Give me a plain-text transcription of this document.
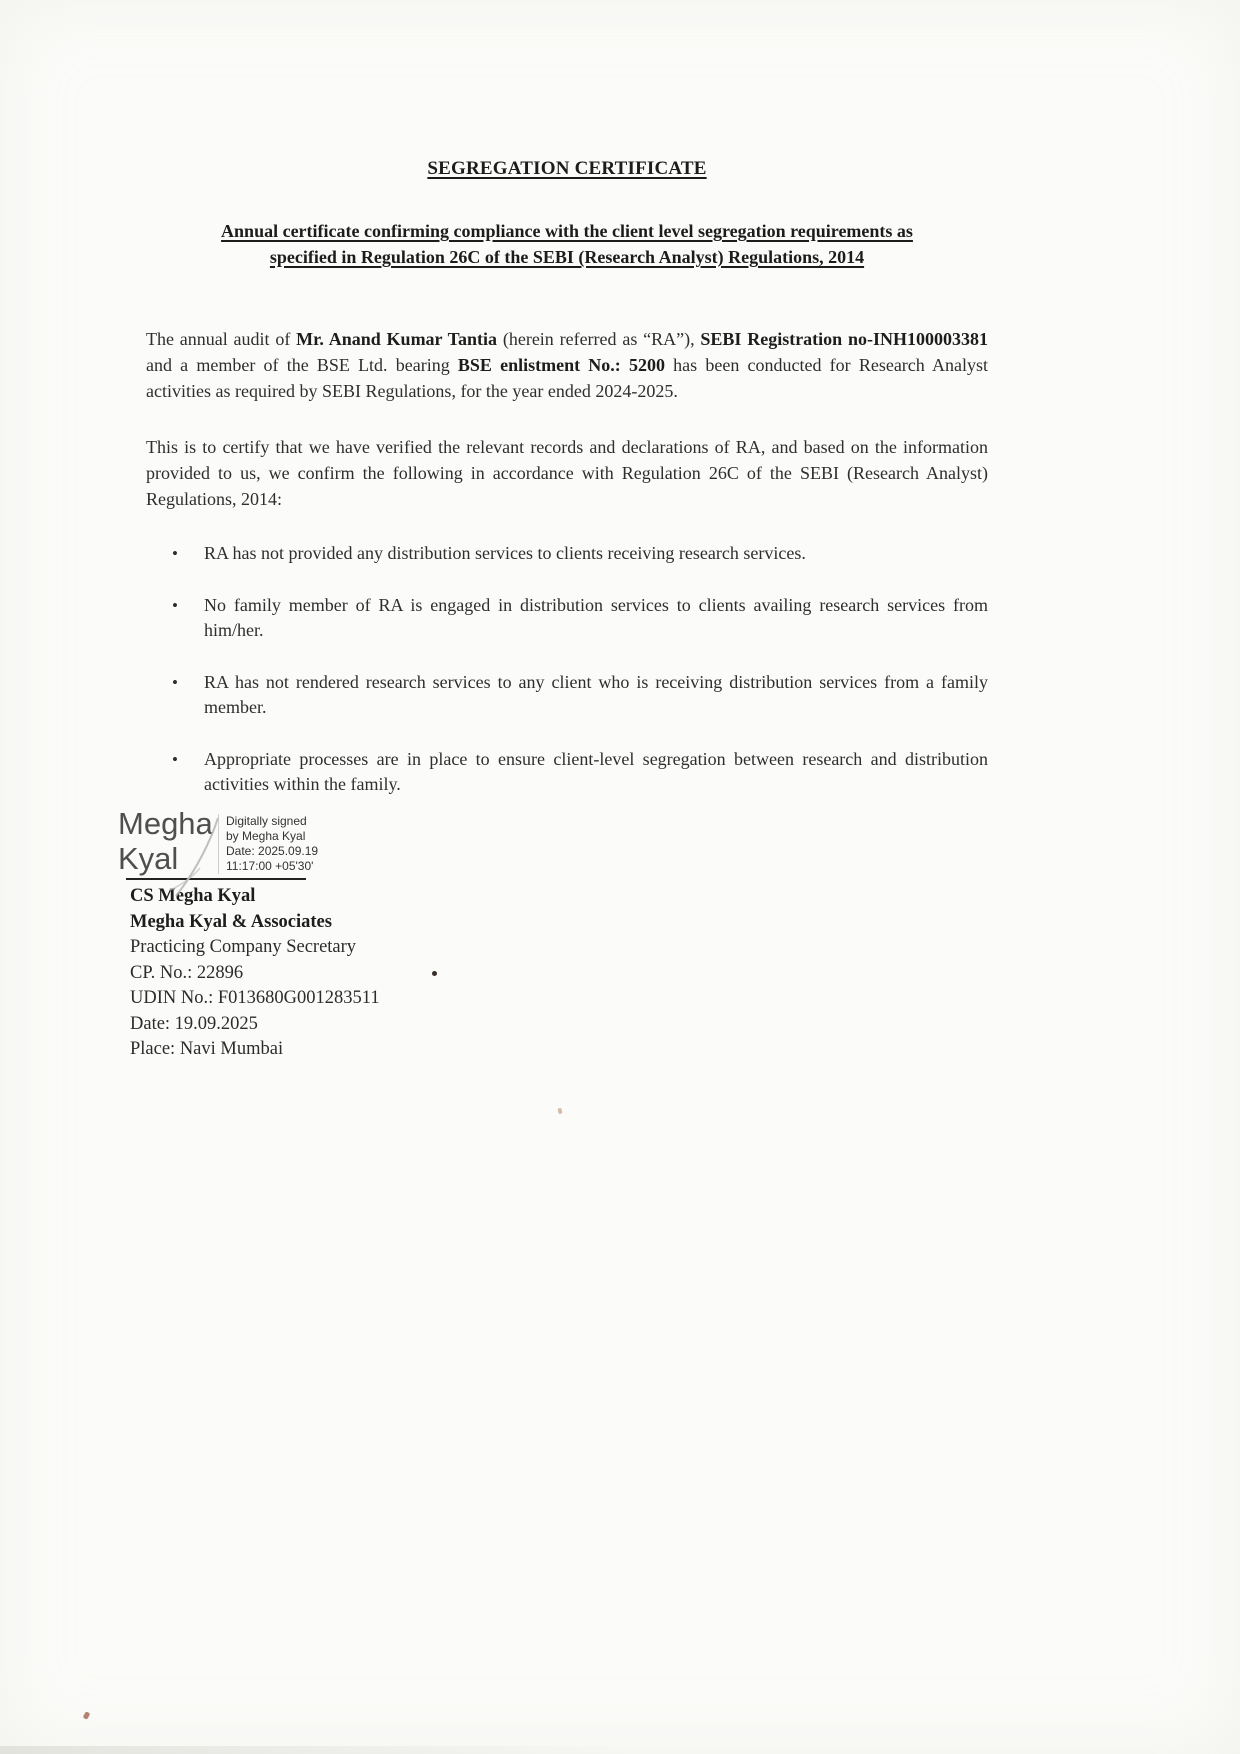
SEGREGATION CERTIFICATE
Annual certificate confirming compliance with the client level segregation requirements as
specified in Regulation 26C of the SEBI (Research Analyst) Regulations, 2014

The annual audit of Mr. Anand Kumar Tantia (herein referred as “RA”), SEBI Registration no-INH100003381 and a member of the BSE Ltd. bearing BSE enlistment No.: 5200 has been conducted for Research Analyst activities as required by SEBI Regulations, for the year ended 2024-2025.

This is to certify that we have verified the relevant records and declarations of RA, and based on the information provided to us, we confirm the following in accordance with Regulation 26C of the SEBI (Research Analyst) Regulations, 2014:

• RA has not provided any distribution services to clients receiving research services.
• No family member of RA is engaged in distribution services to clients availing research services from him/her.
• RA has not rendered research services to any client who is receiving distribution services from a family member.
• Appropriate processes are in place to ensure client-level segregation between research and distribution activities within the family.
Megha
Kyal
Digitally signed
by Megha Kyal
Date: 2025.09.19
11:17:00 +05'30'
CS Megha Kyal
Megha Kyal & Associates
Practicing Company Secretary
CP. No.: 22896
UDIN No.: F013680G001283511
Date: 19.09.2025
Place: Navi Mumbai
